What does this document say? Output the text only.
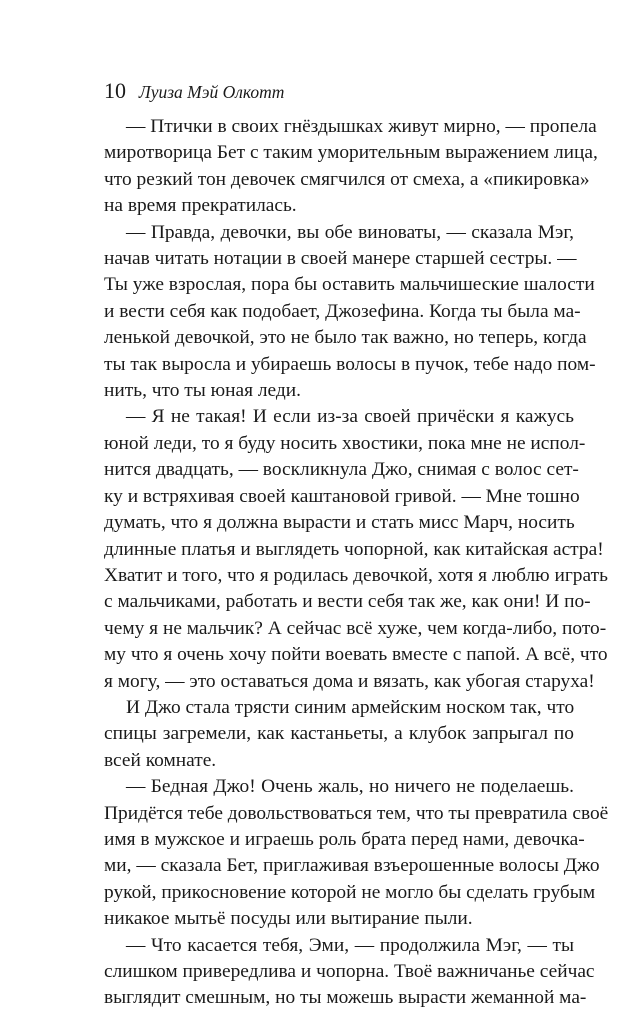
10 Луиза Мэй Олкотт
— Птички в своих гнёздышках живут мирно, — пропела
миротворица Бет с таким уморительным выражением лица,
что резкий тон девочек смягчился от смеха, а «пикировка»
на время прекратилась.
— Правда, девочки, вы обе виноваты, — сказала Мэг,
начав читать нотации в своей манере старшей сестры. —
Ты уже взрослая, пора бы оставить мальчишеские шалости
и вести себя как подобает, Джозефина. Когда ты была ма-
ленькой девочкой, это не было так важно, но теперь, когда
ты так выросла и убираешь волосы в пучок, тебе надо пом-
нить, что ты юная леди.
— Я не такая! И если из-за своей причёски я кажусь
юной леди, то я буду носить хвостики, пока мне не испол-
нится двадцать, — воскликнула Джо, снимая с волос сет-
ку и встряхивая своей каштановой гривой. — Мне тошно
думать, что я должна вырасти и стать мисс Марч, носить
длинные платья и выглядеть чопорной, как китайская астра!
Хватит и того, что я родилась девочкой, хотя я люблю играть
с мальчиками, работать и вести себя так же, как они! И по-
чему я не мальчик? А сейчас всё хуже, чем когда-либо, пото-
му что я очень хочу пойти воевать вместе с папой. А всё, что
я могу, — это оставаться дома и вязать, как убогая старуха!
И Джо стала трясти синим армейским носком так, что
спицы загремели, как кастаньеты, а клубок запрыгал по
всей комнате.
— Бедная Джо! Очень жаль, но ничего не поделаешь.
Придётся тебе довольствоваться тем, что ты превратила своё
имя в мужское и играешь роль брата перед нами, девочка-
ми, — сказала Бет, приглаживая взъерошенные волосы Джо
рукой, прикосновение которой не могло бы сделать грубым
никакое мытьё посуды или вытирание пыли.
— Что касается тебя, Эми, — продолжила Мэг, — ты
слишком привередлива и чопорна. Твоё важничанье сейчас
выглядит смешным, но ты можешь вырасти жеманной ма-
